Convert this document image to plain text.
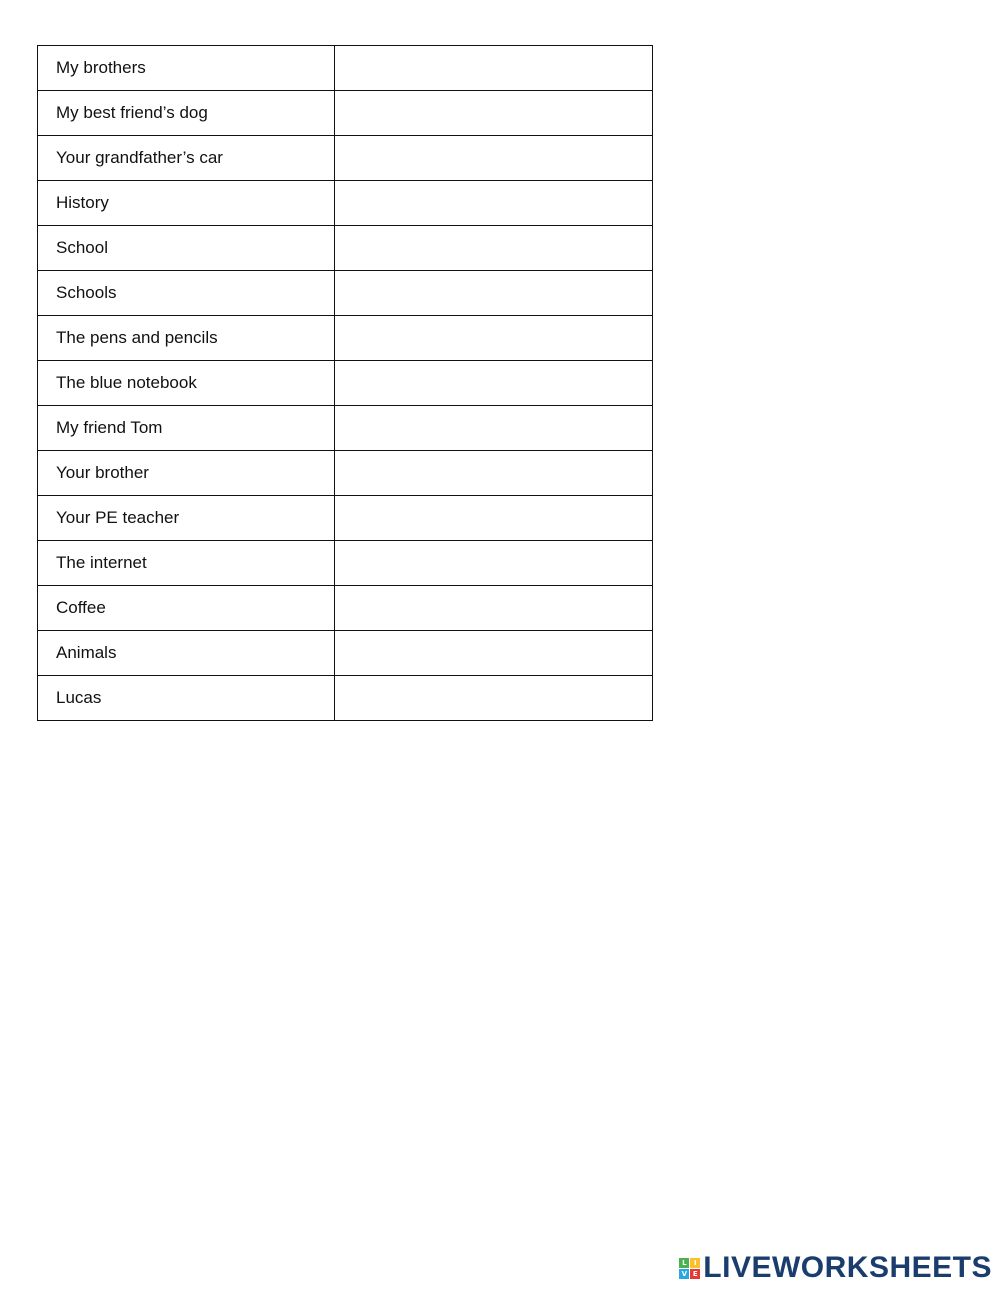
My brothers	
My best friend’s dog	
Your grandfather’s car	
History	
School	
Schools	
The pens and pencils	
The blue notebook	
My friend Tom	
Your brother	
Your PE teacher	
The internet	
Coffee	
Animals	
Lucas	
L	I
V E LIVEWORKSHEETS
